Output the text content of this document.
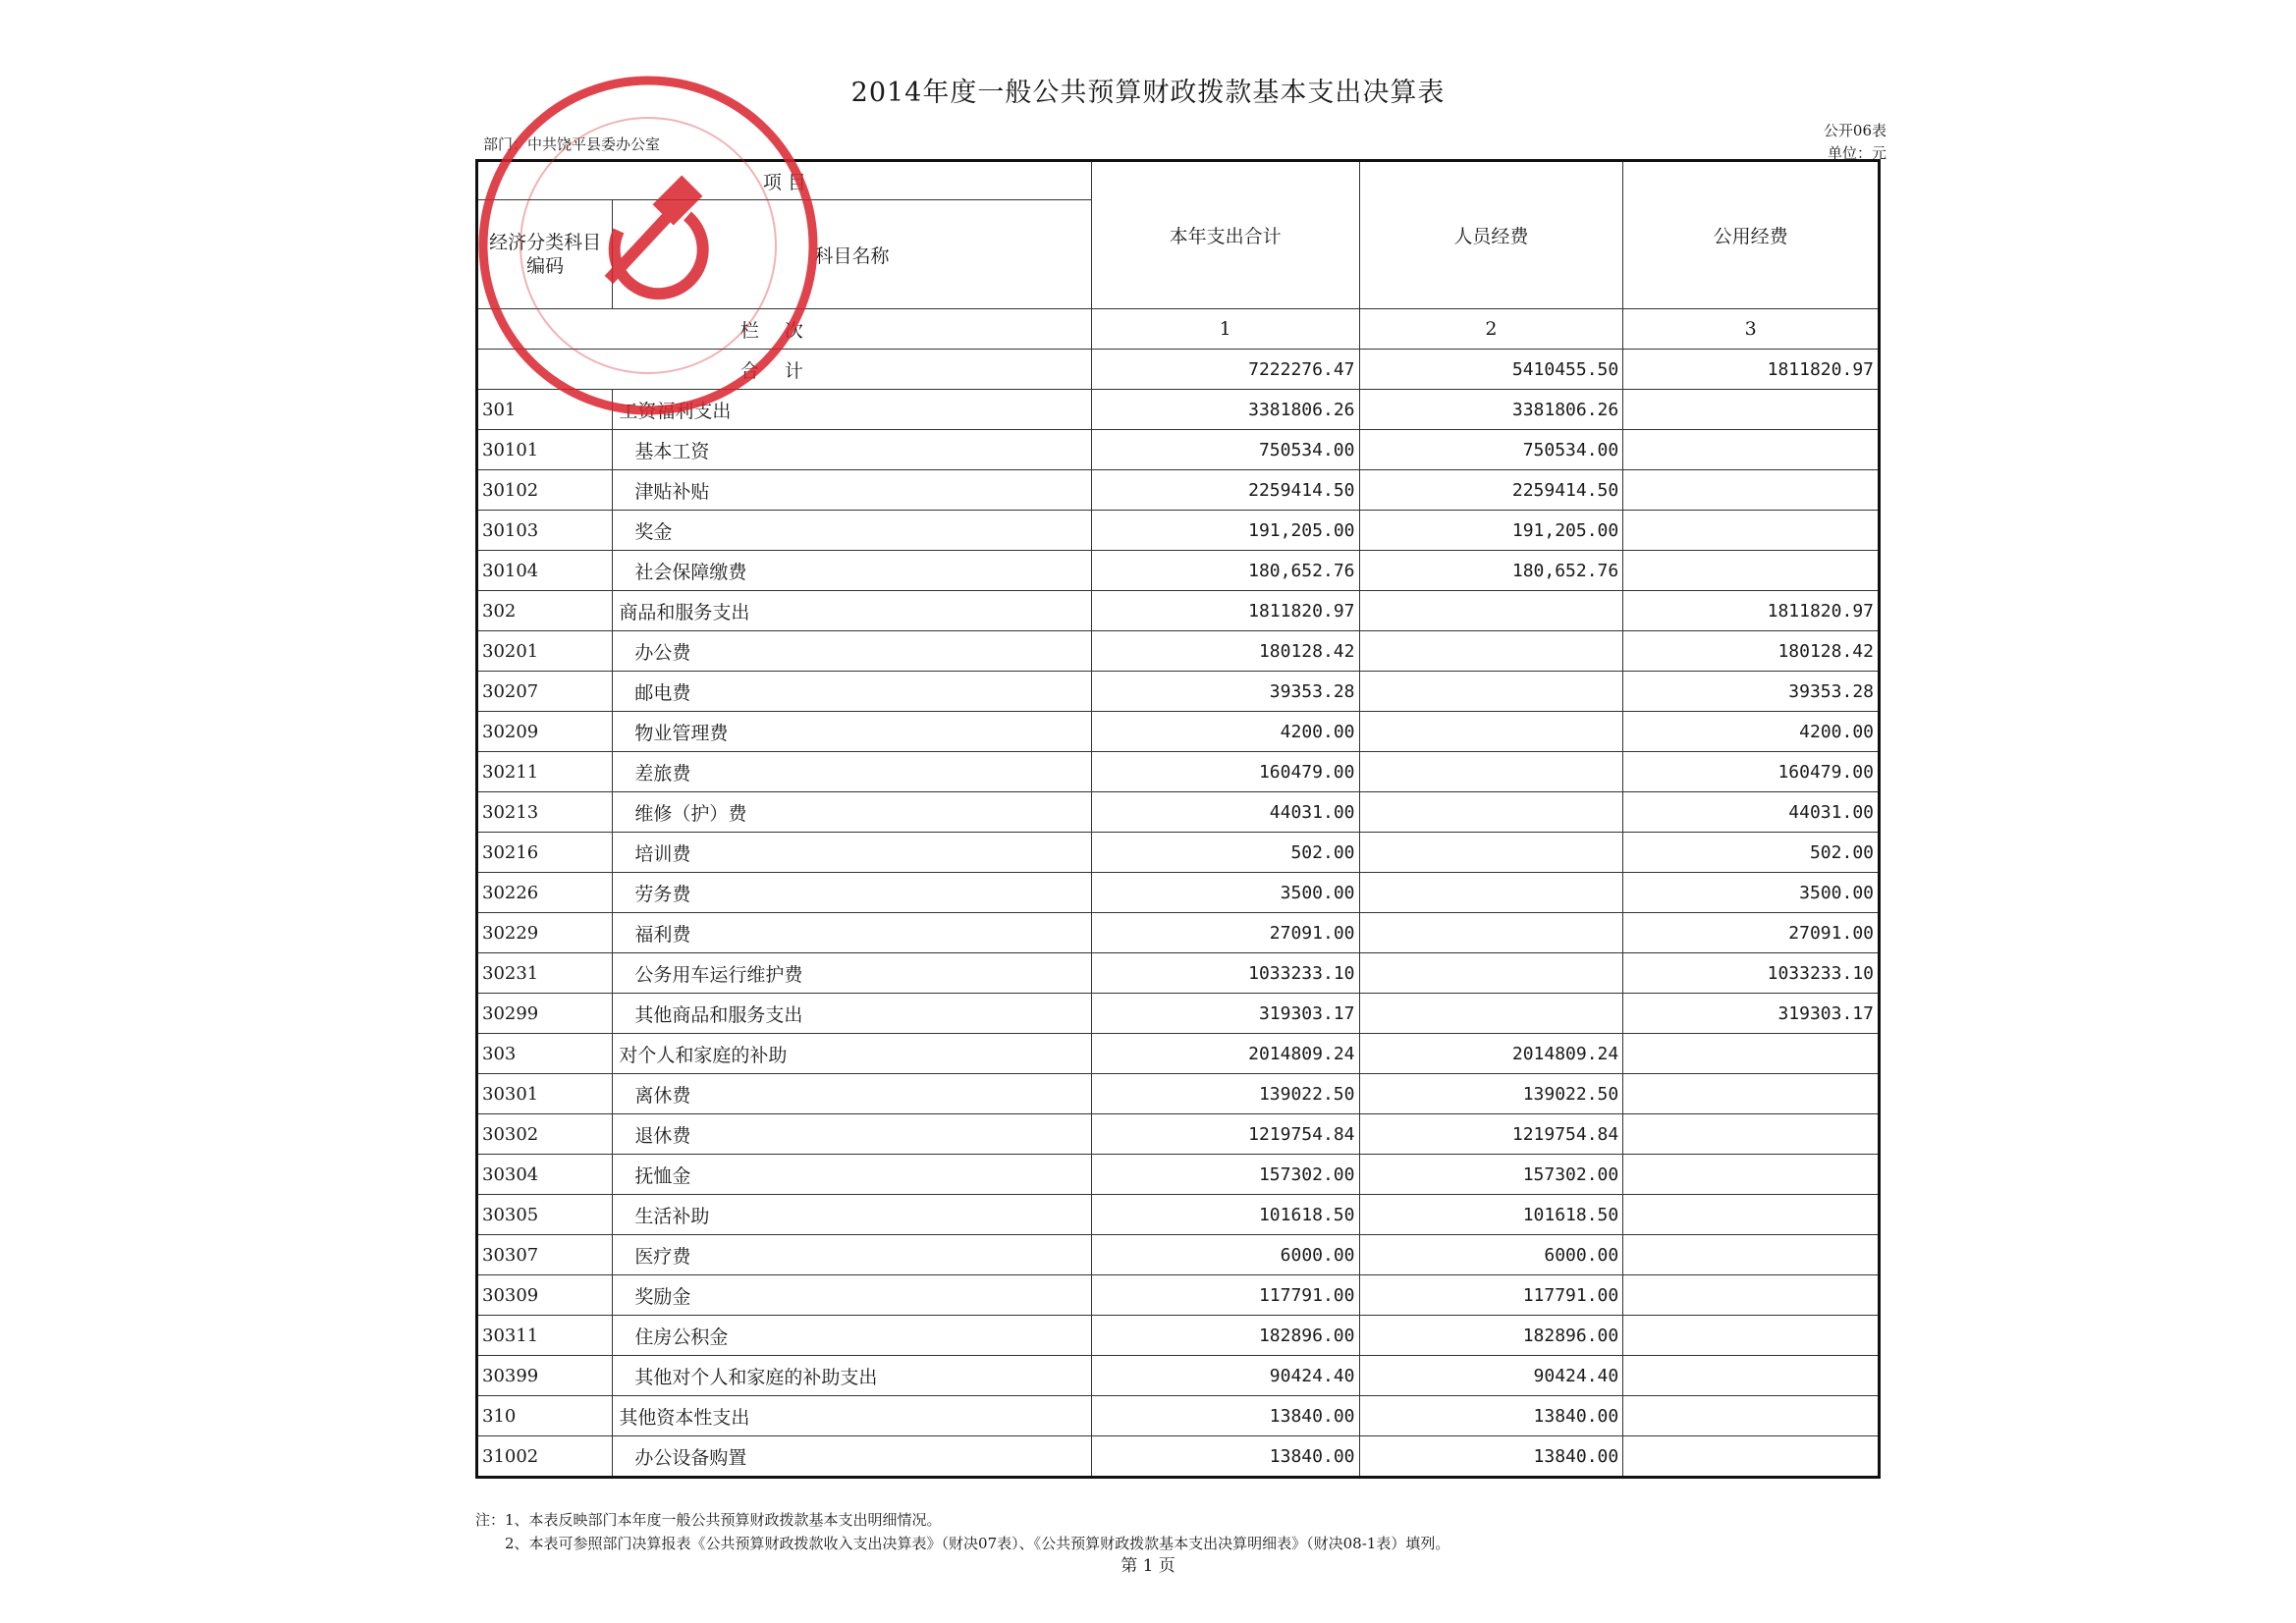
2014年度一般公共预算财政拨款基本支出决算表
公开06表
单位：元
部门：中共饶平县委办公室
项 目		本年支出合计	人员经费	公用经费
经济分类科目编码	科目名称			
栏次		1	2	3
合计		7222276.47	5410455.50	1811820.97
301	工资福利支出	3381806.26	3381806.26	
30101	基本工资	750534.00	750534.00	
30102	津贴补贴	2259414.50	2259414.50	
30103	奖金	191,205.00	191,205.00	
30104	社会保障缴费	180,652.76	180,652.76	
302	商品和服务支出	1811820.97		1811820.97
30201	办公费	180128.42		180128.42
30207	邮电费	39353.28		39353.28
30209	物业管理费	4200.00		4200.00
30211	差旅费	160479.00		160479.00
30213	维修（护）费	44031.00		44031.00
30216	培训费	502.00		502.00
30226	劳务费	3500.00		3500.00
30229	福利费	27091.00		27091.00
30231	公务用车运行维护费	1033233.10		1033233.10
30299	其他商品和服务支出	319303.17		319303.17
303	对个人和家庭的补助	2014809.24	2014809.24	
30301	离休费	139022.50	139022.50	
30302	退休费	1219754.84	1219754.84	
30304	抚恤金	157302.00	157302.00	
30305	生活补助	101618.50	101618.50	
30307	医疗费	6000.00	6000.00	
30309	奖励金	117791.00	117791.00	
30311	住房公积金	182896.00	182896.00	
30399	其他对个人和家庭的补助支出	90424.40	90424.40	
310	其他资本性支出	13840.00	13840.00	
31002	办公设备购置	13840.00	13840.00	
注：1、本表反映部门本年度一般公共预算财政拨款基本支出明细情况。
　　2、本表可参照部门决算报表《公共预算财政拨款收入支出决算表》（财决07表）、《公共预算财政拨款基本支出决算明细表》（财决08-1表）填列。
第 1 页
